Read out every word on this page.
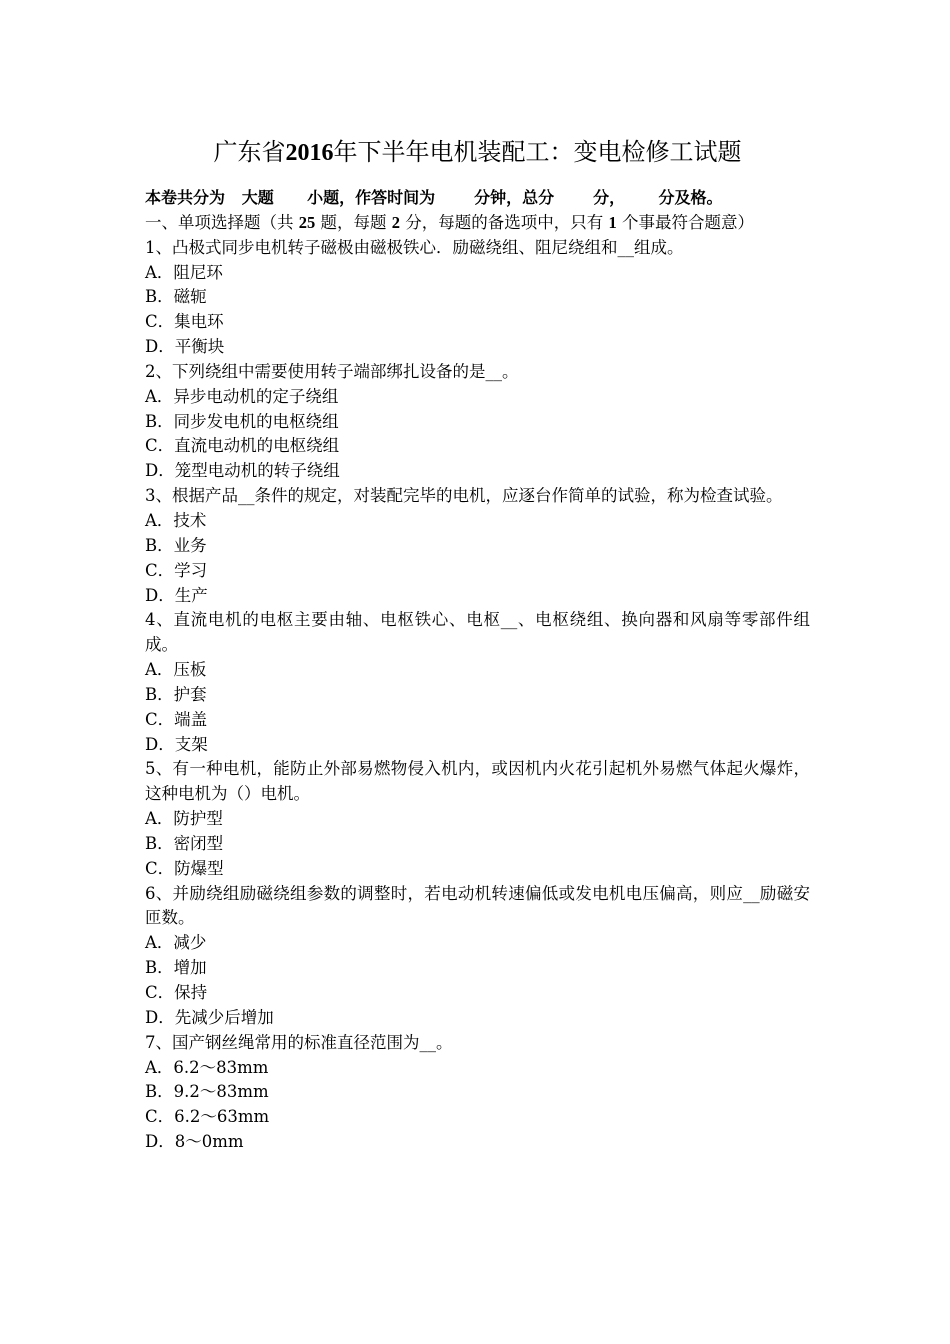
广东省2016年下半年电机装配工：变电检修工试题
本卷共分为   大题      小题，作答时间为       分钟，总分       分，      分及格。
一、单项选择题（共 25 题，每题 2 分，每题的备选项中，只有 1 个事最符合题意）
1、凸极式同步电机转子磁极由磁极铁心．励磁绕组、阻尼绕组和__组成。
A．阻尼环
B．磁轭
C．集电环
D．平衡块
2、下列绕组中需要使用转子端部绑扎设备的是__。
A．异步电动机的定子绕组
B．同步发电机的电枢绕组
C．直流电动机的电枢绕组
D．笼型电动机的转子绕组
3、根据产品__条件的规定，对装配完毕的电机，应逐台作简单的试验，称为检查试验。
A．技术
B．业务
C．学习
D．生产
4、直流电机的电枢主要由轴、电枢铁心、电枢__、电枢绕组、换向器和风扇等零部件组成。
A．压板
B．护套
C．端盖
D．支架
5、有一种电机，能防止外部易燃物侵入机内，或因机内火花引起机外易燃气体起火爆炸，这种电机为（）电机。
A．防护型
B．密闭型
C．防爆型
6、并励绕组励磁绕组参数的调整时，若电动机转速偏低或发电机电压偏高，则应__励磁安匝数。
A．减少
B．增加
C．保持
D．先减少后增加
7、国产钢丝绳常用的标准直径范围为__。
A．6.2～83mm
B．9.2～83mm
C．6.2～63mm
D．8～0mm
